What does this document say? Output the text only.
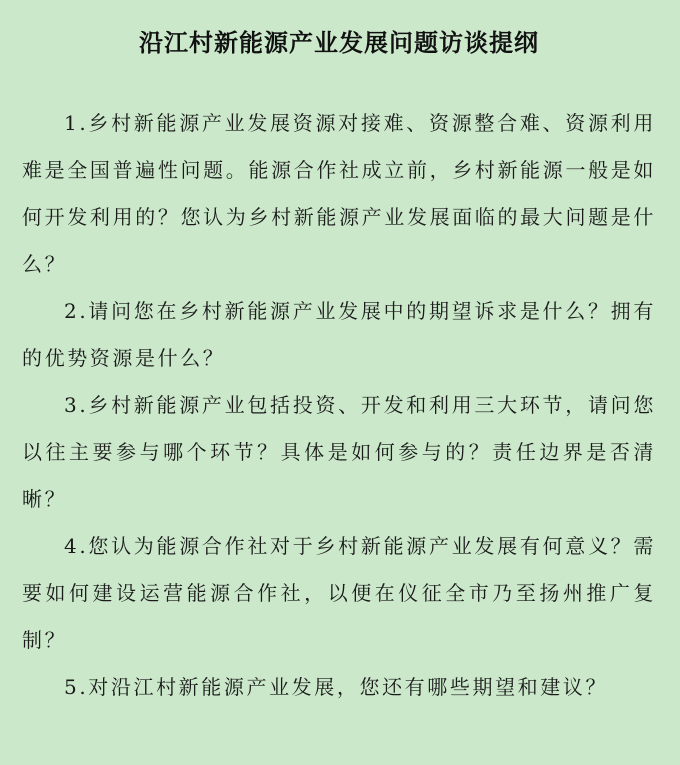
沿江村新能源产业发展问题访谈提纲

1.乡村新能源产业发展资源对接难、资源整合难、资源利用难是全国普遍性问题。能源合作社成立前，乡村新能源一般是如何开发利用的？您认为乡村新能源产业发展面临的最大问题是什么？

2.请问您在乡村新能源产业发展中的期望诉求是什么？拥有的优势资源是什么？

3.乡村新能源产业包括投资、开发和利用三大环节，请问您以往主要参与哪个环节？具体是如何参与的？责任边界是否清晰？

4.您认为能源合作社对于乡村新能源产业发展有何意义？需要如何建设运营能源合作社，以便在仪征全市乃至扬州推广复制？

5.对沿江村新能源产业发展，您还有哪些期望和建议？
